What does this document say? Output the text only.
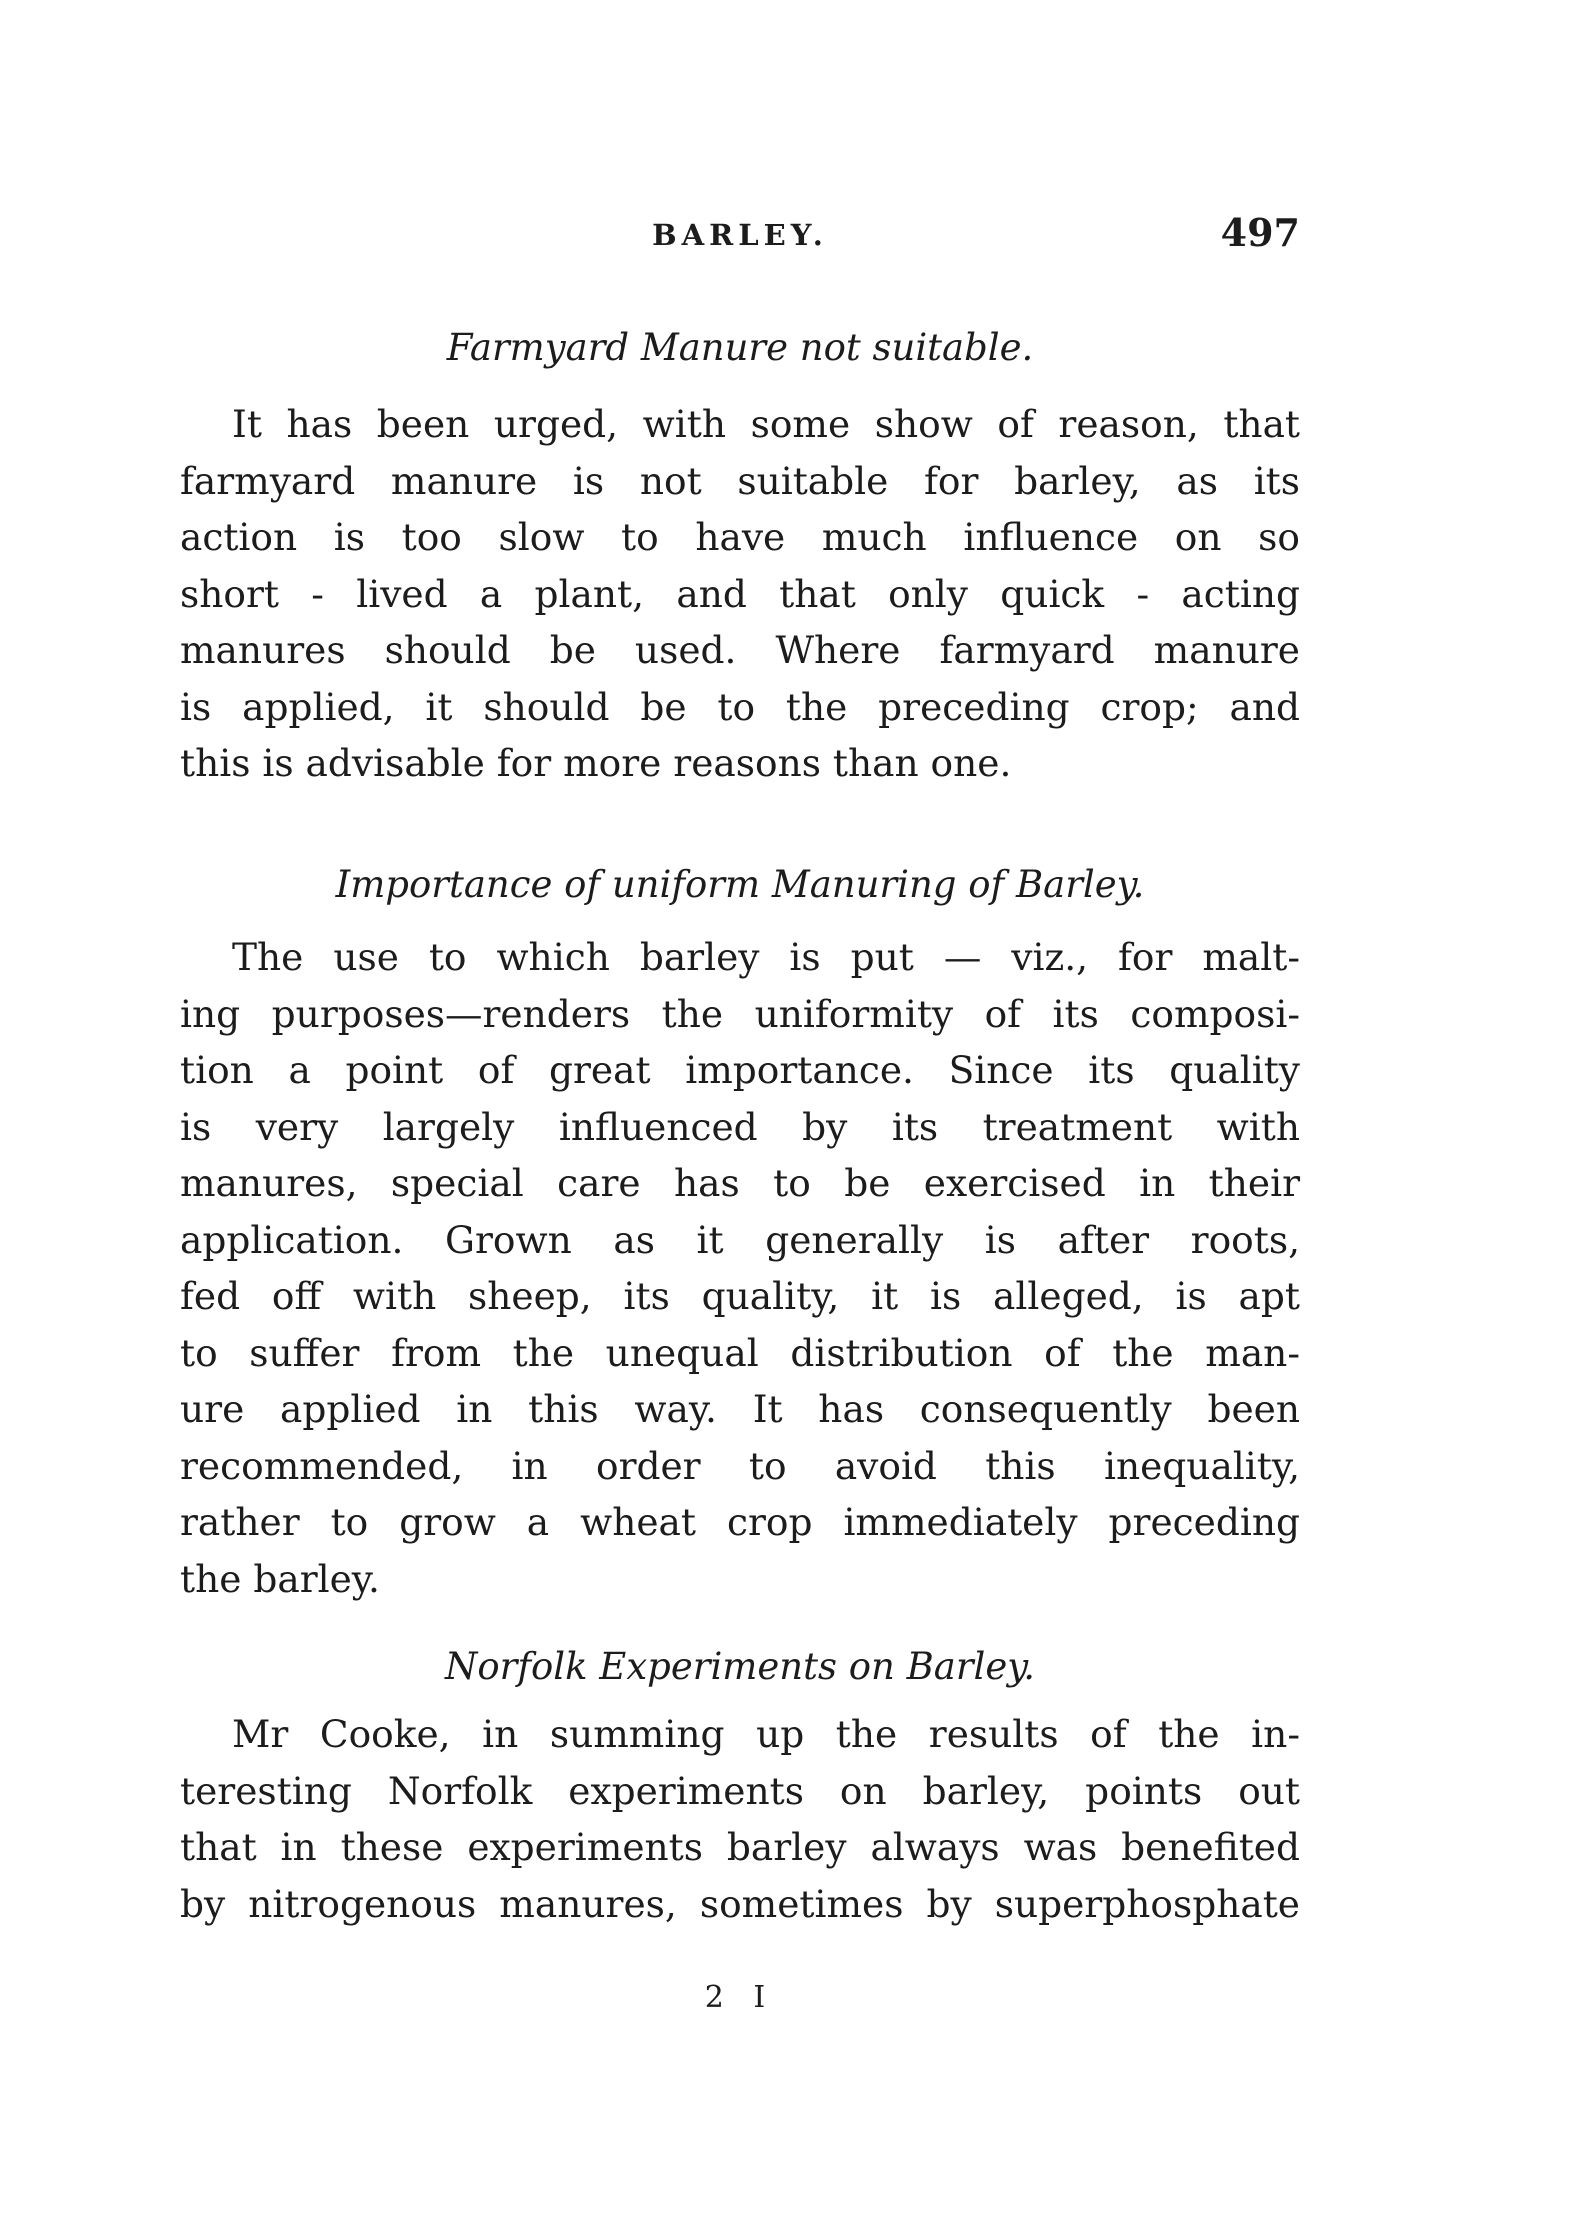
BARLEY.	497
Farmyard Manure not suitable.
It has been urged, with some show of reason, that
farmyard manure is not suitable for barley, as its
action is too slow to have much influence on so
short - lived a plant, and that only quick - acting
manures should be used. Where farmyard manure
is applied, it should be to the preceding crop; and
this is advisable for more reasons than one.
Importance of uniform Manuring of Barley.
The use to which barley is put — viz., for malt-
ing purposes—renders the uniformity of its composi-
tion a point of great importance. Since its quality
is very largely influenced by its treatment with
manures, special care has to be exercised in their
application. Grown as it generally is after roots,
fed off with sheep, its quality, it is alleged, is apt
to suffer from the unequal distribution of the man-
ure applied in this way. It has consequently been
recommended, in order to avoid this inequality,
rather to grow a wheat crop immediately preceding
the barley.
Norfolk Experiments on Barley.
Mr Cooke, in summing up the results of the in-
teresting Norfolk experiments on barley, points out
that in these experiments barley always was benefited
by nitrogenous manures, sometimes by superphosphate
2 I
